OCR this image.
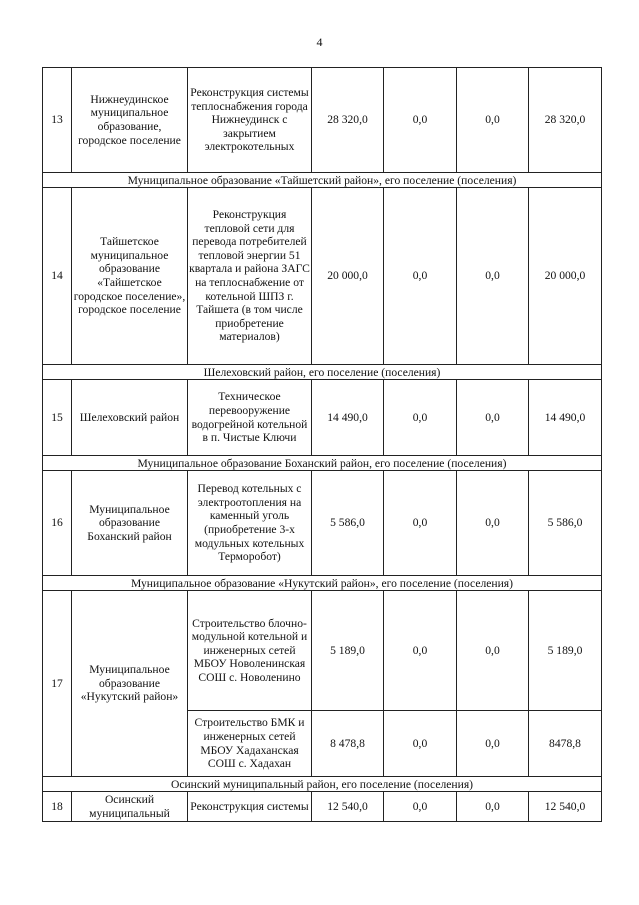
4
13	Нижнеудинское муниципальное образование, городское поселение	Реконструкция системы теплоснабжения города Нижнеудинск с закрытием электрокотельных	28 320,0	0,0	0,0	28 320,0
Муниципальное образование «Тайшетский район», его поселение (поселения)						
14	Тайшетское муниципальное образование «Тайшетское городское поселение», городское поселение	Реконструкция тепловой сети для перевода потребителей тепловой энергии 51 квартала и района ЗАГС на теплоснабжение от котельной ШПЗ г. Тайшета (в том числе приобретение материалов)	20 000,0	0,0	0,0	20 000,0
Шелеховский район, его поселение (поселения)						
15	Шелеховский район	Техническое перевооружение водогрейной котельной в п. Чистые Ключи	14 490,0	0,0	0,0	14 490,0
Муниципальное образование Боханский район, его поселение (поселения)						
16	Муниципальное образование Боханский район	Перевод котельных с электроотопления на каменный уголь (приобретение 3-х модульных котельных Терморобот)	5 586,0	0,0	0,0	5 586,0
Муниципальное образование «Нукутский район», его поселение (поселения)						
17	Муниципальное образование «Нукутский район»	Строительство блочно-модульной котельной и инженерных сетей МБОУ Новоленинская СОШ с. Новоленино	5 189,0	0,0	0,0	5 189,0
		Строительство БМК и инженерных сетей МБОУ Хадаханская СОШ с. Хадахан	8 478,8	0,0	0,0	8478,8
Осинский муниципальный район, его поселение (поселения)						
18	Осинский муниципальный	Реконструкция системы	12 540,0	0,0	0,0	12 540,0
